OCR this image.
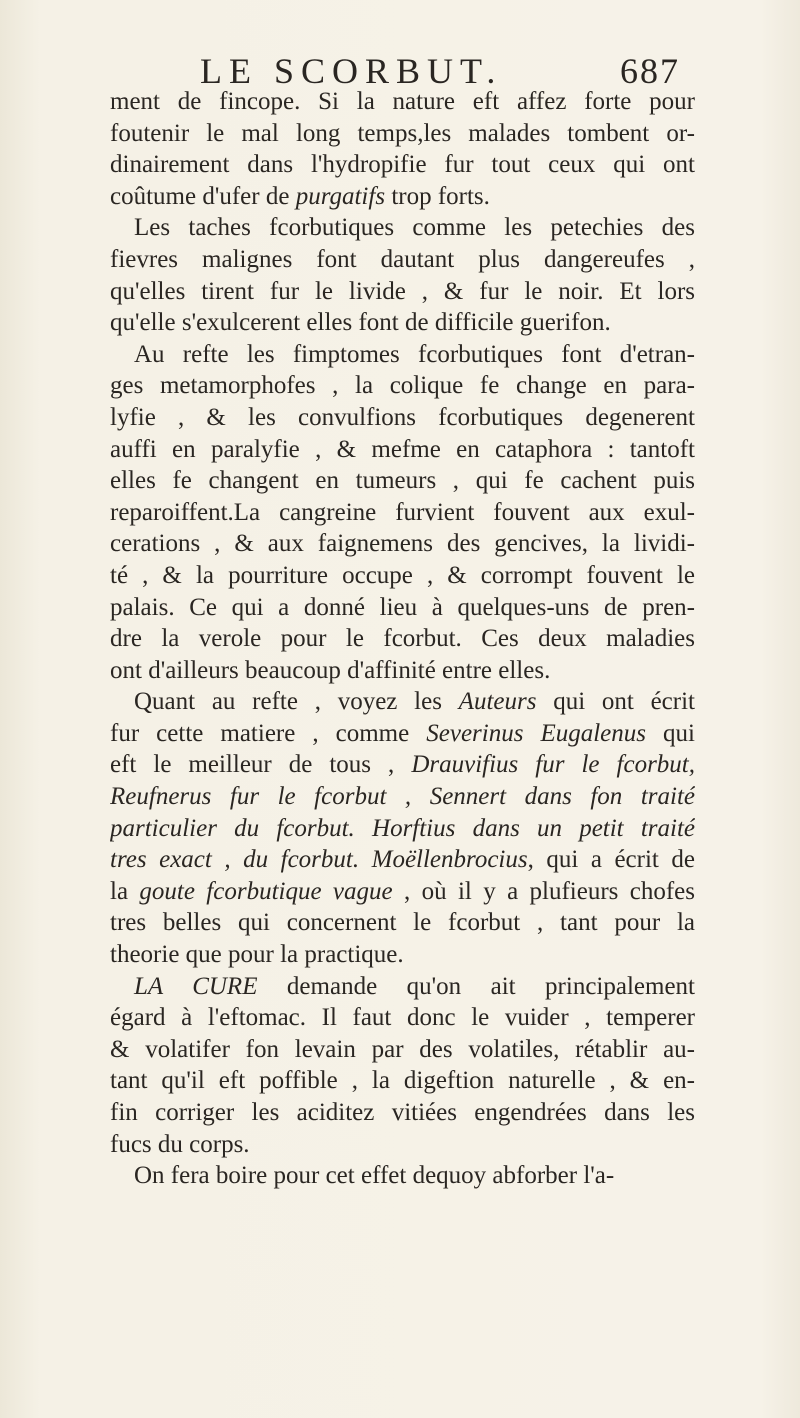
LE SCORBUT.	687
ment de fincope. Si la nature eft affez forte pour
foutenir le mal long temps,les malades tombent or-
dinairement dans l'hydropifie fur tout ceux qui ont
coûtume d'ufer de purgatifs trop forts.
Les taches fcorbutiques comme les petechies des
fievres malignes font dautant plus dangereufes ,
qu'elles tirent fur le livide , & fur le noir. Et lors
qu'elle s'exulcerent elles font de difficile guerifon.
Au refte les fimptomes fcorbutiques font d'etran-
ges metamorphofes , la colique fe change en para-
lyfie , & les convulfions fcorbutiques degenerent
auffi en paralyfie , & mefme en cataphora : tantoft
elles fe changent en tumeurs , qui fe cachent puis
reparoiffent.La cangreine furvient fouvent aux exul-
cerations , & aux faignemens des gencives, la lividi-
té , & la pourriture occupe , & corrompt fouvent le
palais. Ce qui a donné lieu à quelques-uns de pren-
dre la verole pour le fcorbut. Ces deux maladies
ont d'ailleurs beaucoup d'affinité entre elles.
Quant au refte , voyez les Auteurs qui ont écrit
fur cette matiere , comme Severinus Eugalenus qui
eft le meilleur de tous , Drauvifius fur le fcorbut,
Reufnerus fur le fcorbut , Sennert dans fon traité
particulier du fcorbut. Horftius dans un petit traité
tres exact , du fcorbut. Moëllenbrocius, qui a écrit de
la goute fcorbutique vague , où il y a plufieurs chofes
tres belles qui concernent le fcorbut , tant pour la
theorie que pour la practique.
LA CURE demande qu'on ait principalement
égard à l'eftomac. Il faut donc le vuider , temperer
& volatifer fon levain par des volatiles, rétablir au-
tant qu'il eft poffible , la digeftion naturelle , & en-
fin corriger les aciditez vitiées engendrées dans les
fucs du corps.
On fera boire pour cet effet dequoy abforber l'a-
